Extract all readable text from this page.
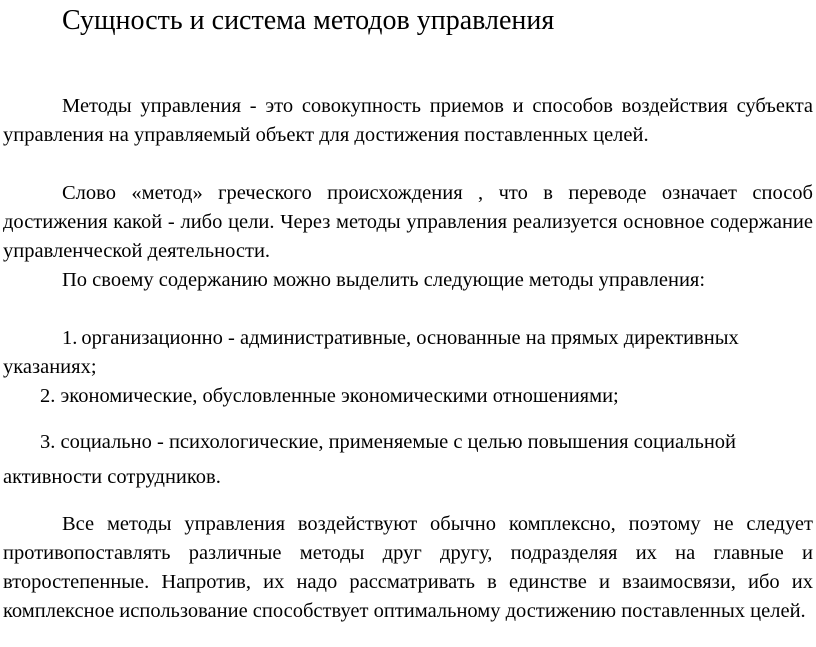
Сущность и система методов управления
Методы управления - это совокупность приемов и способов воздействия субъекта управления на управляемый объект для достижения поставленных целей.
Слово «метод» греческого происхождения , что в переводе означает способ достижения какой - либо цели. Через методы управления реализуется основное содержание управленческой деятельности.
По своему содержанию можно выделить следующие методы управления:
1. организационно - административные, основанные на прямых директивных указаниях;
2. экономические, обусловленные экономическими отношениями;
3. социально - психологические, применяемые с целью повышения социальной активности сотрудников.
Все методы управления воздействуют обычно комплексно, поэтому не следует противопоставлять различные методы друг другу, подразделяя их на главные и второстепенные. Напротив, их надо рассматривать в единстве и взаимосвязи, ибо их комплексное использование способствует оптимальному достижению поставленных целей.
